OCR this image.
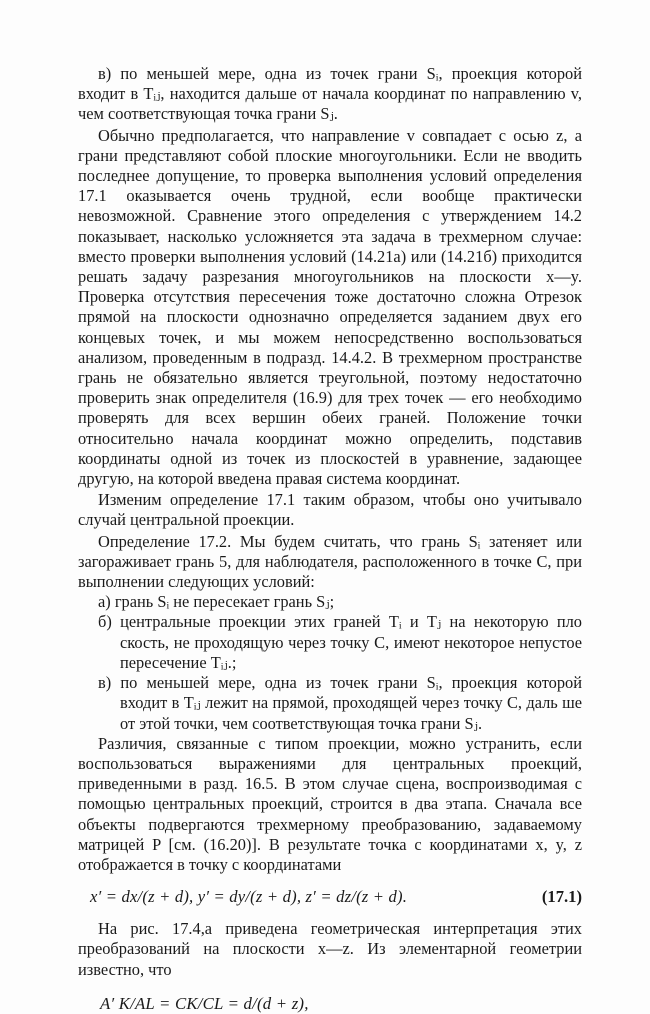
в) по меньшей мере, одна из точек грани Sᵢ, проекция которой входит в Tᵢⱼ, находится дальше от начала координат по направлению v, чем соответствующая точка грани Sⱼ.

Обычно предполагается, что направление v совпадает с осью z, а грани представляют собой плоские многоугольники. Если не вводить последнее допущение, то проверка выполнения условий определения 17.1 оказывается очень трудной, если вообще практически невозможной. Сравнение этого определения с утверждением 14.2 показывает, насколько усложняется эта задача в трехмерном случае: вместо проверки выполнения условий (14.21а) или (14.21б) приходится решать задачу разрезания многоугольников на плоскости x—y. Проверка отсутствия пересечения тоже достаточно сложна Отрезок прямой на плоскости однозначно определяется заданием двух его концевых точек, и мы можем непосредственно воспользоваться анализом, проведенным в подразд. 14.4.2. В трехмерном пространстве грань не обязательно является треугольной, поэтому недостаточно проверить знак определителя (16.9) для трех точек — его необходимо проверять для всех вершин обеих граней. Положение точки относительно начала координат можно определить, подставив координаты одной из точек из плоскостей в уравнение, задающее другую, на которой введена правая система координат.

Изменим определение 17.1 таким образом, чтобы оно учитывало случай центральной проекции.

Определение 17.2. Мы будем считать, что грань Sᵢ затеняет или загораживает грань 5, для наблюдателя, расположенного в точке C, при выполнении следующих условий:

а) грань Sᵢ не пересекает грань Sⱼ;

б) центральные проекции этих граней Tᵢ и Tⱼ на некоторую пло скость, не проходящую через точку С, имеют некоторое непустое пересечение Tᵢⱼ.;

в) по меньшей мере, одна из точек грани Sᵢ, проекция которой входит в Tᵢⱼ лежит на прямой, проходящей через точку C, даль ше от этой точки, чем соответствующая точка грани Sⱼ.

Различия, связанные с типом проекции, можно устранить, если воспользоваться выражениями для центральных проекций, приведенными в разд. 16.5. В этом случае сцена, воспроизводимая с помощью центральных проекций, строится в два этапа. Сначала все объекты подвергаются трехмерному преобразованию, задаваемому матрицей P [см. (16.20)]. В результате точка с координатами x, y, z отображается в точку с координатами

x′ = dx/(z + d), y′ = dy/(z + d), z′ = dz/(z + d).	(17.1)

На рис. 17.4,а приведена геометрическая интерпретация этих преобразований на плоскости x—z. Из элементарной геометрии известно, что

A′ K/AL = CK/CL = d/(d + z),
